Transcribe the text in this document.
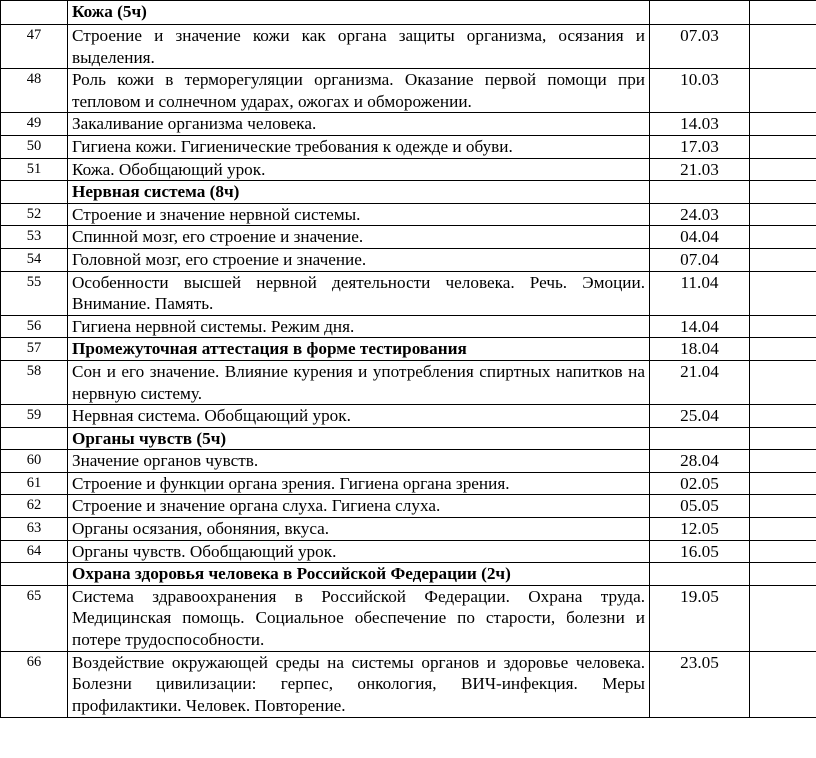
	Кожа (5ч)		
47	Строение и значение кожи как органа защиты организма, осязания и выделения.	07.03	
48	Роль кожи в терморегуляции организма. Оказание первой помощи при тепловом и солнечном ударах, ожогах и обморожении.	10.03	
49	Закаливание организма человека.	14.03	
50	Гигиена кожи. Гигиенические требования к одежде и обуви.	17.03	
51	Кожа. Обобщающий урок.	21.03	
	Нервная система (8ч)		
52	Строение и значение нервной системы.	24.03	
53	Спинной мозг, его строение и значение.	04.04	
54	Головной мозг, его строение и значение.	07.04	
55	Особенности высшей нервной деятельности человека. Речь. Эмоции. Внимание. Память.	11.04	
56	Гигиена нервной системы. Режим дня.	14.04	
57	Промежуточная аттестация в форме тестирования	18.04	
58	Сон и его значение. Влияние курения и употребления спиртных напитков на нервную систему.	21.04	
59	Нервная система. Обобщающий урок.	25.04	
	Органы чувств (5ч)		
60	Значение органов чувств.	28.04	
61	Строение и функции органа зрения. Гигиена органа зрения.	02.05	
62	Строение и значение органа слуха. Гигиена слуха.	05.05	
63	Органы осязания, обоняния, вкуса.	12.05	
64	Органы чувств. Обобщающий урок.	16.05	
	Охрана здоровья человека в Российской Федерации (2ч)		
65	Система здравоохранения в Российской Федерации. Охрана труда. Медицинская помощь. Социальное обеспечение по старости, болезни и потере трудоспособности.	19.05	
66	Воздействие окружающей среды на системы органов и здоровье человека. Болезни цивилизации: герпес, онкология, ВИЧ-инфекция. Меры профилактики. Человек. Повторение.	23.05	
